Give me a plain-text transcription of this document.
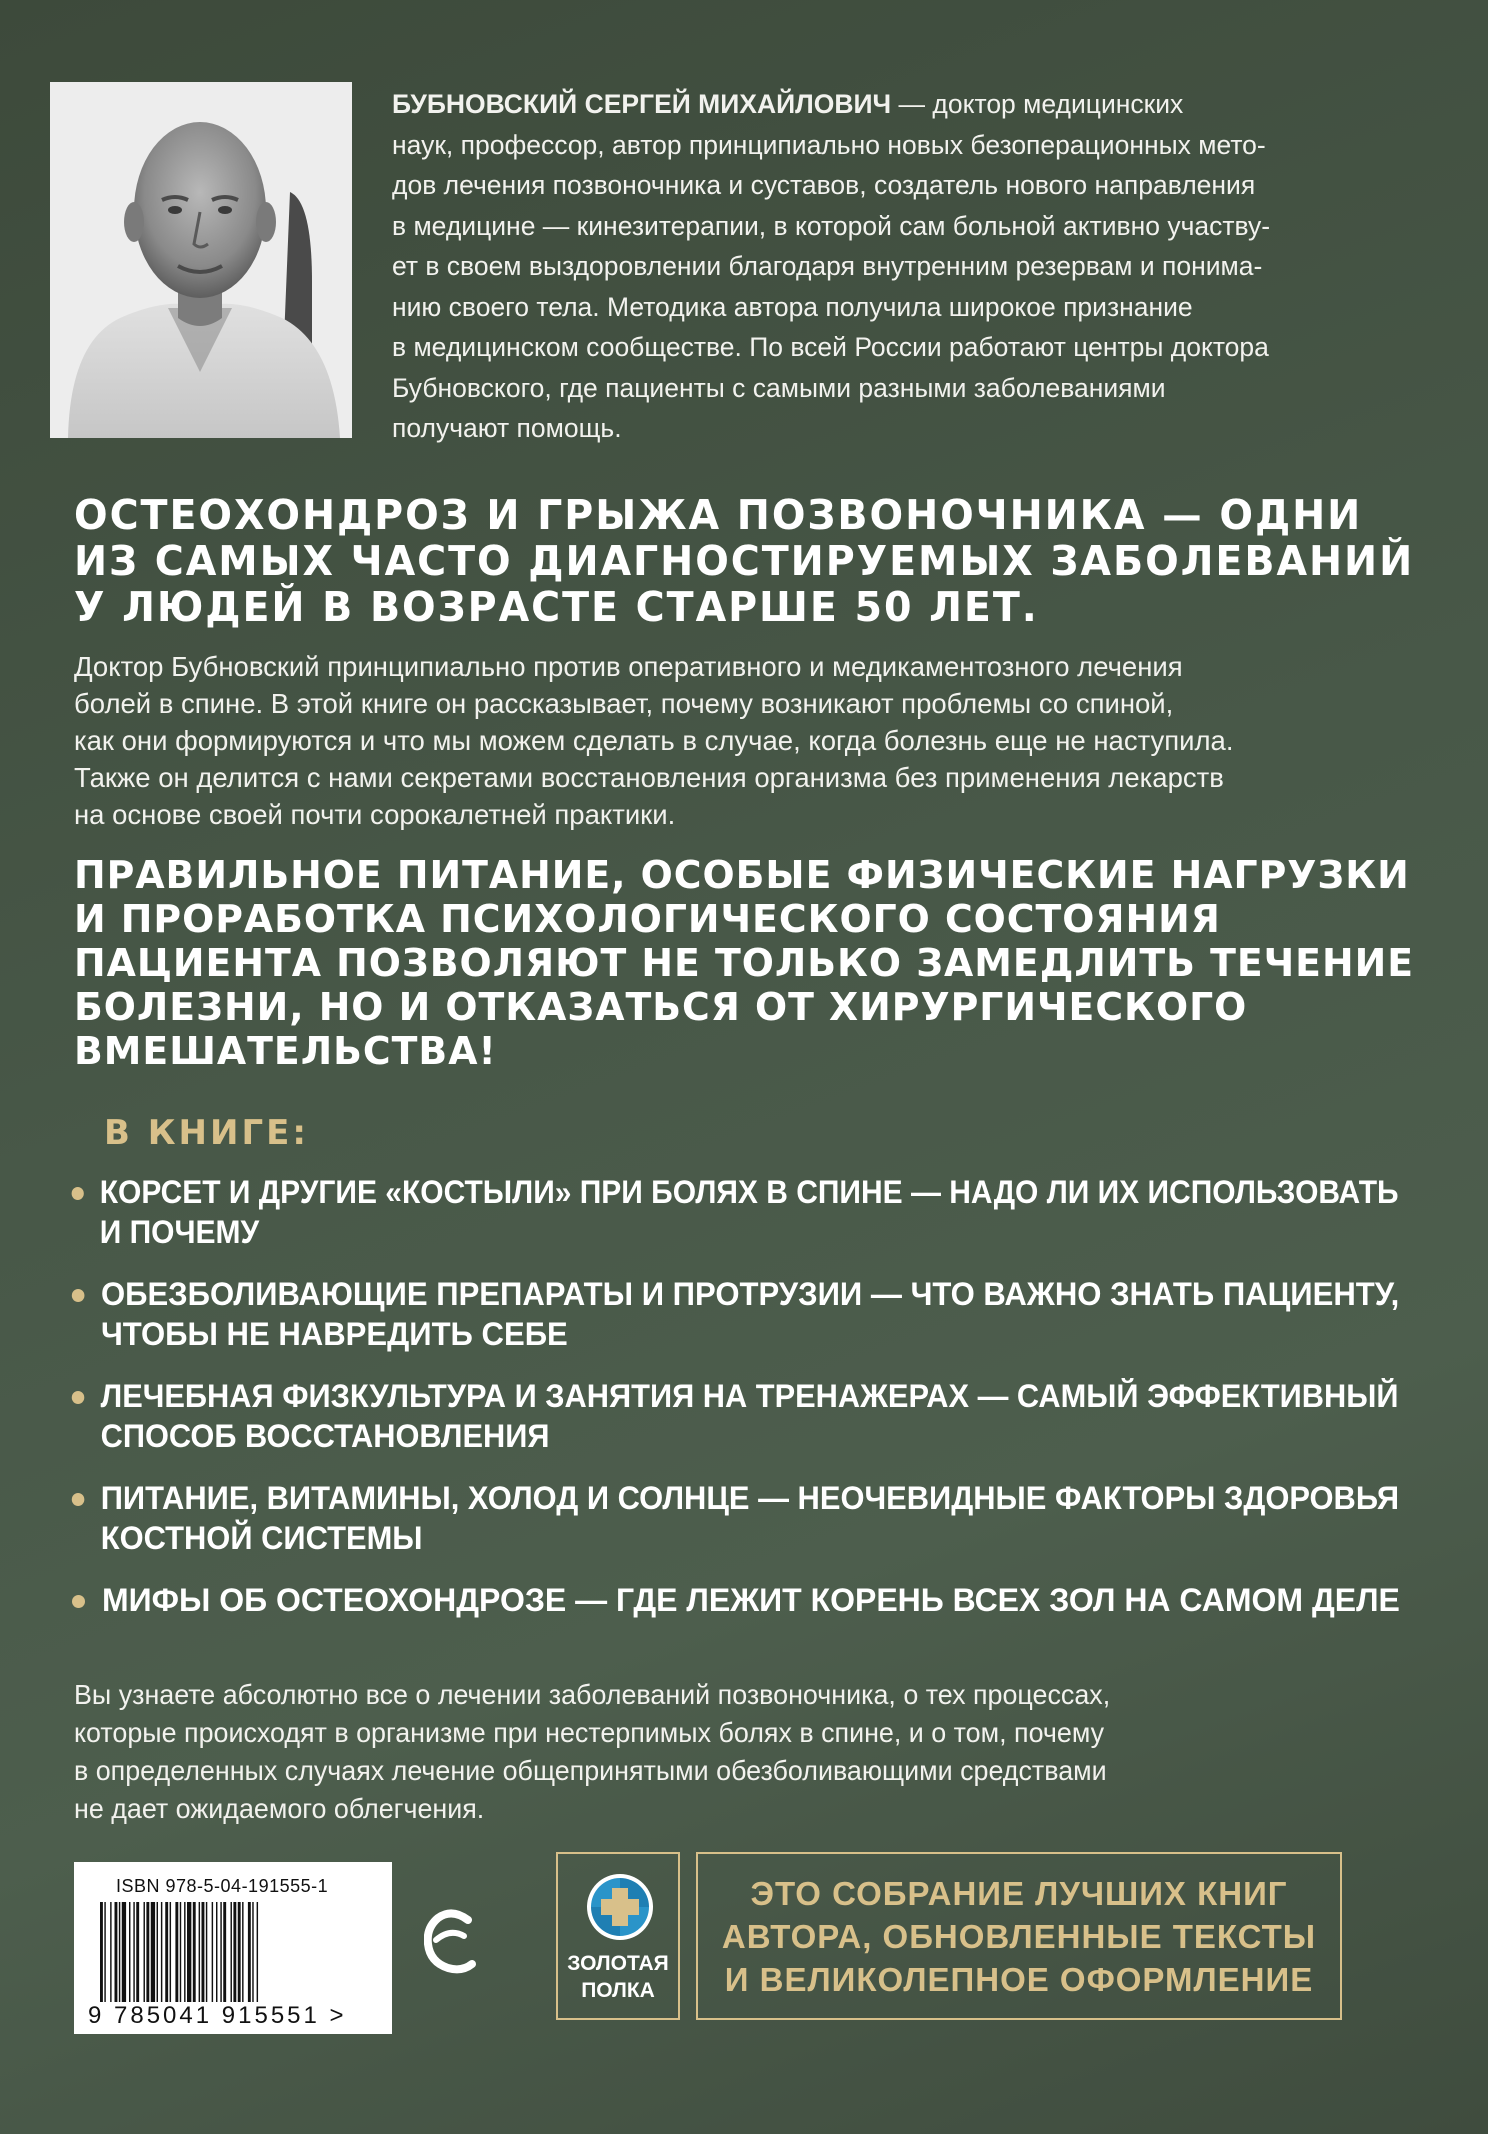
БУБНОВСКИЙ СЕРГЕЙ МИХАЙЛОВИЧ — доктор медицинских
наук, профессор, автор принципиально новых безоперационных мето-
дов лечения позвоночника и суставов, создатель нового направления
в медицине — кинезитерапии, в которой сам больной активно участву-
ет в своем выздоровлении благодаря внутренним резервам и понима-
нию своего тела. Методика автора получила широкое признание
в медицинском сообществе. По всей России работают центры доктора
Бубновского, где пациенты с самыми разными заболеваниями
получают помощь.
ОСТЕОХОНДРОЗ И ГРЫЖА ПОЗВОНОЧНИКА — ОДНИ
ИЗ САМЫХ ЧАСТО ДИАГНОСТИРУЕМЫХ ЗАБОЛЕВАНИЙ
У ЛЮДЕЙ В ВОЗРАСТЕ СТАРШЕ 50 ЛЕТ.
Доктор Бубновский принципиально против оперативного и медикаментозного лечения
болей в спине. В этой книге он рассказывает, почему возникают проблемы со спиной,
как они формируются и что мы можем сделать в случае, когда болезнь еще не наступила.
Также он делится с нами секретами восстановления организма без применения лекарств
на основе своей почти сорокалетней практики.
ПРАВИЛЬНОЕ ПИТАНИЕ, ОСОБЫЕ ФИЗИЧЕСКИЕ НАГРУЗКИ
И ПРОРАБОТКА ПСИХОЛОГИЧЕСКОГО СОСТОЯНИЯ
ПАЦИЕНТА ПОЗВОЛЯЮТ НЕ ТОЛЬКО ЗАМЕДЛИТЬ ТЕЧЕНИЕ
БОЛЕЗНИ, НО И ОТКАЗАТЬСЯ ОТ ХИРУРГИЧЕСКОГО
ВМЕШАТЕЛЬСТВА!
В КНИГЕ:
КОРСЕТ И ДРУГИЕ «КОСТЫЛИ» ПРИ БОЛЯХ В СПИНЕ — НАДО ЛИ ИХ ИСПОЛЬЗОВАТЬ
И ПОЧЕМУ
ОБЕЗБОЛИВАЮЩИЕ ПРЕПАРАТЫ И ПРОТРУЗИИ — ЧТО ВАЖНО ЗНАТЬ ПАЦИЕНТУ,
ЧТОБЫ НЕ НАВРЕДИТЬ СЕБЕ
ЛЕЧЕБНАЯ ФИЗКУЛЬТУРА И ЗАНЯТИЯ НА ТРЕНАЖЕРАХ — САМЫЙ ЭФФЕКТИВНЫЙ
СПОСОБ ВОССТАНОВЛЕНИЯ
ПИТАНИЕ, ВИТАМИНЫ, ХОЛОД И СОЛНЦЕ — НЕОЧЕВИДНЫЕ ФАКТОРЫ ЗДОРОВЬЯ
КОСТНОЙ СИСТЕМЫ
МИФЫ ОБ ОСТЕОХОНДРОЗЕ — ГДЕ ЛЕЖИТ КОРЕНЬ ВСЕХ ЗОЛ НА САМОМ ДЕЛЕ
Вы узнаете абсолютно все о лечении заболеваний позвоночника, о тех процессах,
которые происходят в организме при нестерпимых болях в спине, и о том, почему
в определенных случаях лечение общепринятыми обезболивающими средствами
не дает ожидаемого облегчения.
ISBN 978-5-04-191555-1
9 785041 915551 >
ЗОЛОТАЯ
ПОЛКА
ЭТО СОБРАНИЕ ЛУЧШИХ КНИГ
АВТОРА, ОБНОВЛЕННЫЕ ТЕКСТЫ
И ВЕЛИКОЛЕПНОЕ ОФОРМЛЕНИЕ
